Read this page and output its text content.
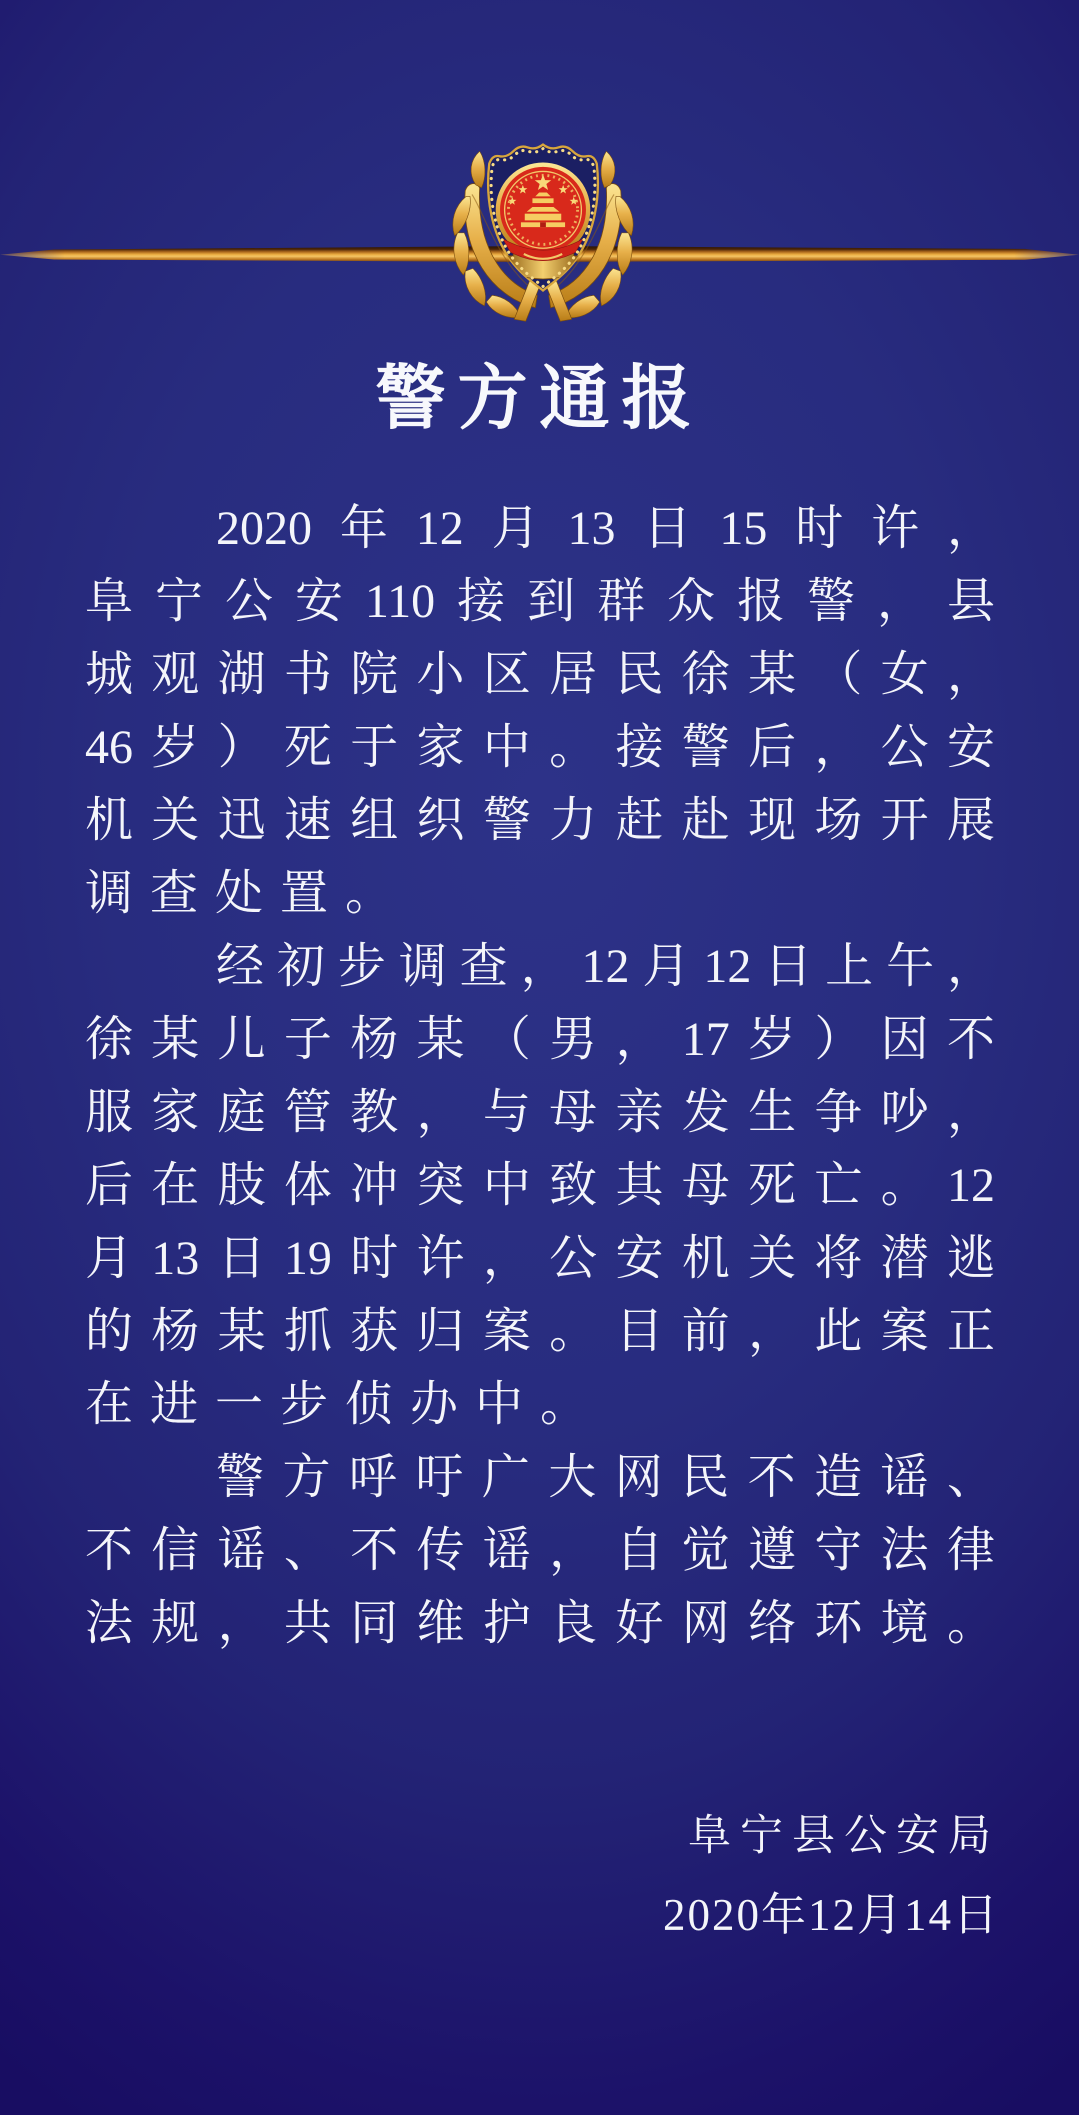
警方通报
2020年12月13日15时许，
阜宁公安110接到群众报警，县
城观湖书院小区居民徐某（女，
46岁）死于家中。接警后，公安
机关迅速组织警力赶赴现场开展
调查处置。
经初步调查，12月12日上午，
徐某儿子杨某（男，17岁）因不
服家庭管教，与母亲发生争吵，
后在肢体冲突中致其母死亡。12
月13日19时许，公安机关将潜逃
的杨某抓获归案。目前，此案正
在进一步侦办中。
警方呼吁广大网民不造谣、
不信谣、不传谣，自觉遵守法律
法规，共同维护良好网络环境。
阜宁县公安局
2020年12月14日
